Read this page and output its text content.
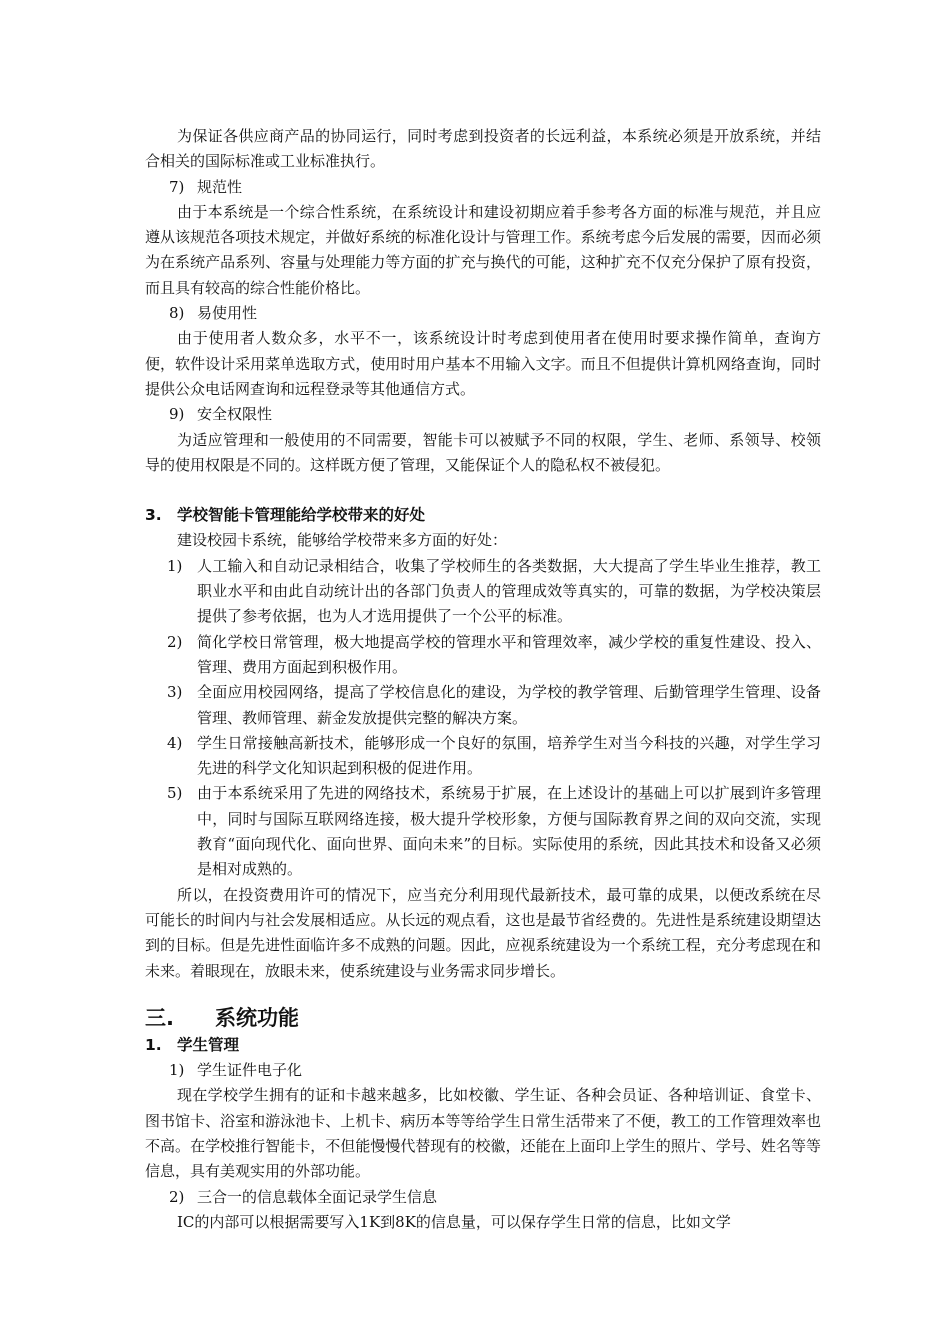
为保证各供应商产品的协同运行，同时考虑到投资者的长远利益，本系统必须是开放系统，并结合相关的国际标准或工业标准执行。

7) 规范性

由于本系统是一个综合性系统，在系统设计和建设初期应着手参考各方面的标准与规范，并且应遵从该规范各项技术规定，并做好系统的标准化设计与管理工作。系统考虑今后发展的需要，因而必须为在系统产品系列、容量与处理能力等方面的扩充与换代的可能，这种扩充不仅充分保护了原有投资，而且具有较高的综合性能价格比。

8) 易使用性

由于使用者人数众多，水平不一，该系统设计时考虑到使用者在使用时要求操作简单，查询方便，软件设计采用菜单选取方式，使用时用户基本不用输入文字。而且不但提供计算机网络查询，同时提供公众电话网查询和远程登录等其他通信方式。

9) 安全权限性

为适应管理和一般使用的不同需要，智能卡可以被赋予不同的权限，学生、老师、系领导、校领导的使用权限是不同的。这样既方便了管理，又能保证个人的隐私权不被侵犯。

3. 学校智能卡管理能给学校带来的好处

建设校园卡系统，能够给学校带来多方面的好处：

1) 人工输入和自动记录相结合，收集了学校师生的各类数据，大大提高了学生毕业生推荐，教工职业水平和由此自动统计出的各部门负责人的管理成效等真实的，可靠的数据，为学校决策层提供了参考依据，也为人才选用提供了一个公平的标准。
2) 简化学校日常管理，极大地提高学校的管理水平和管理效率，减少学校的重复性建设、投入、管理、费用方面起到积极作用。
3) 全面应用校园网络，提高了学校信息化的建设，为学校的教学管理、后勤管理学生管理、设备管理、教师管理、薪金发放提供完整的解决方案。
4) 学生日常接触高新技术，能够形成一个良好的氛围，培养学生对当今科技的兴趣，对学生学习先进的科学文化知识起到积极的促进作用。
5) 由于本系统采用了先进的网络技术，系统易于扩展，在上述设计的基础上可以扩展到许多管理中，同时与国际互联网络连接，极大提升学校形象，方便与国际教育界之间的双向交流，实现教育“面向现代化、面向世界、面向未来”的目标。实际使用的系统，因此其技术和设备又必须是相对成熟的。

所以，在投资费用许可的情况下，应当充分利用现代最新技术，最可靠的成果，以便改系统在尽可能长的时间内与社会发展相适应。从长远的观点看，这也是最节省经费的。先进性是系统建设期望达到的目标。但是先进性面临许多不成熟的问题。因此，应视系统建设为一个系统工程，充分考虑现在和未来。着眼现在，放眼未来，使系统建设与业务需求同步增长。

三.	系统功能
1. 学生管理
1) 学生证件电子化

现在学校学生拥有的证和卡越来越多，比如校徽、学生证、各种会员证、各种培训证、食堂卡、图书馆卡、浴室和游泳池卡、上机卡、病历本等等给学生日常生活带来了不便，教工的工作管理效率也不高。在学校推行智能卡，不但能慢慢代替现有的校徽，还能在上面印上学生的照片、学号、姓名等等信息，具有美观实用的外部功能。

2) 三合一的信息载体全面记录学生信息

IC的内部可以根据需要写入1K到8K的信息量，可以保存学生日常的信息，比如文学
